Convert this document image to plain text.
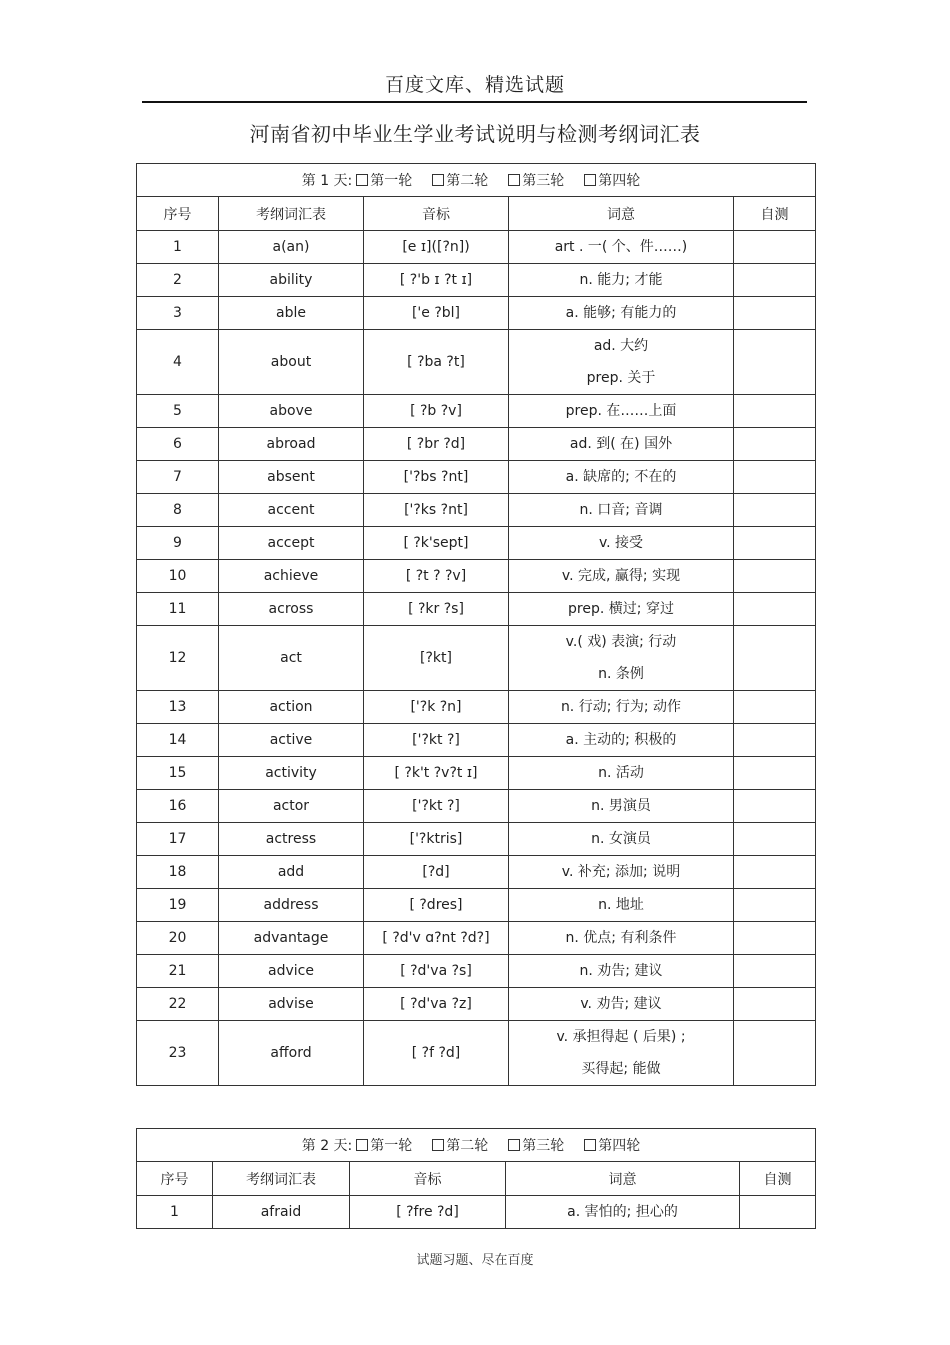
百度文库、精选试题
河南省初中毕业生学业考试说明与检测考纲词汇表
第 1 天: 第一轮 第二轮 第三轮 第四轮				
序号	考纲词汇表	音标	词意	自测
1	a(an)	[e ɪ]([?n])	art . 一( 个、件……)	

2	ability	[ ?'b ɪ ?t ɪ]	n. 能力; 才能	

3	able	['e ?bl]	a. 能够; 有能力的	

4	about	[ ?ba ?t]	ad. 大约
prep. 关于	

5	above	[ ?b ?v]	prep. 在……上面	

6	abroad	[ ?br ?d]	ad. 到( 在) 国外	

7	absent	['?bs ?nt]	a. 缺席的; 不在的	

8	accent	['?ks ?nt]	n. 口音; 音调	

9	accept	[ ?k'sept]	v. 接受	

10	achieve	[ ?t ? ?v]	v. 完成, 赢得; 实现	

11	across	[ ?kr ?s]	prep. 横过; 穿过	

12	act	[?kt]	v.( 戏) 表演; 行动
n. 条例	

13	action	['?k ?n]	n. 行动; 行为; 动作	

14	active	['?kt ?]	a. 主动的; 积极的	

15	activity	[ ?k't ?v?t ɪ]	n. 活动	

16	actor	['?kt ?]	n. 男演员	

17	actress	['?ktris]	n. 女演员	

18	add	[?d]	v. 补充; 添加; 说明	

19	address	[ ?dres]	n. 地址	

20	advantage	[ ?d'v ɑ?nt ?d?]	n. 优点; 有利条件	

21	advice	[ ?d'va ?s]	n. 劝告; 建议	

22	advise	[ ?d'va ?z]	v. 劝告; 建议	

23	afford	[ ?f ?d]	v. 承担得起 ( 后果) ;
买得起; 能做	

第 2 天: 第一轮 第二轮 第三轮 第四轮				
序号	考纲词汇表	音标	词意	自测
1	afraid	[ ?fre ?d]	a. 害怕的; 担心的	

试题习题、尽在百度
